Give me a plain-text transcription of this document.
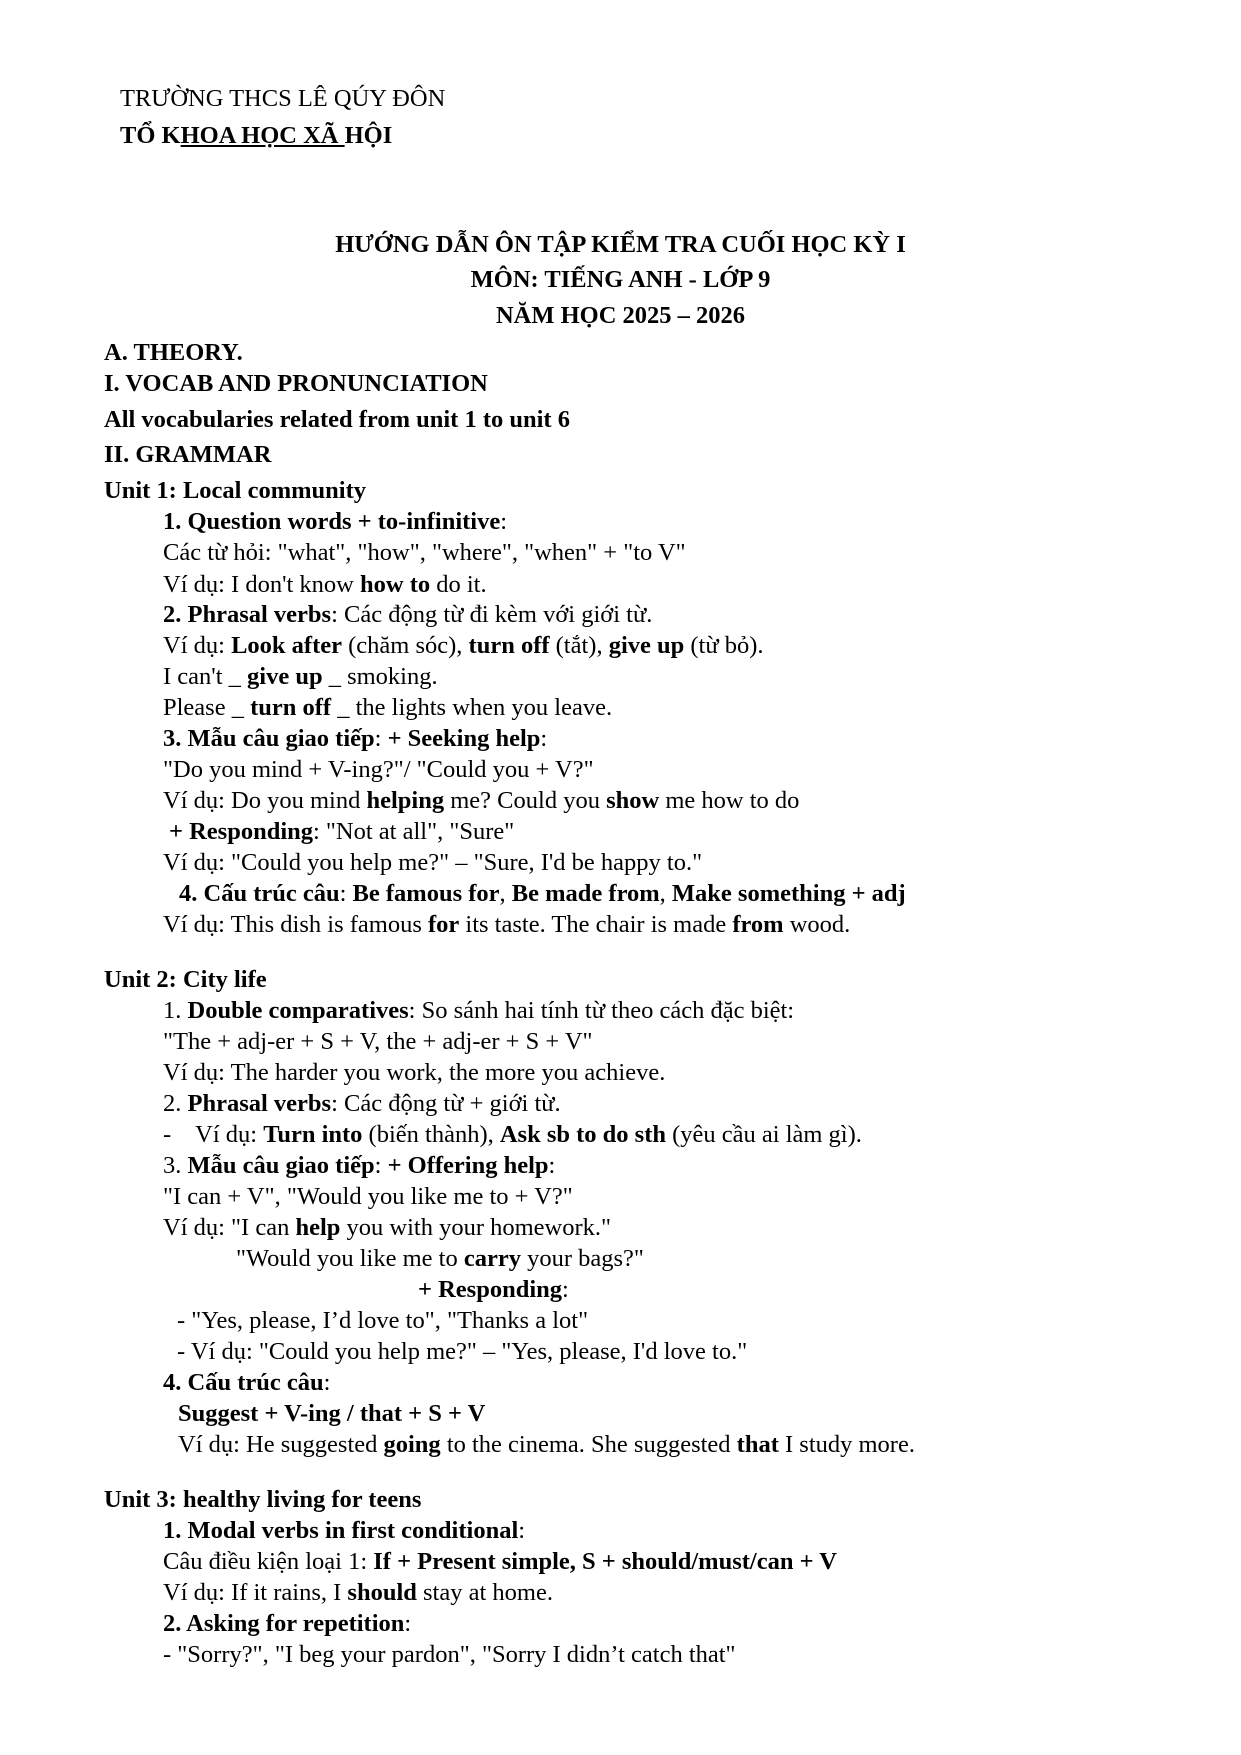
TRƯỜNG THCS LÊ QÚY ĐÔN
TỔ KHOA HỌC XÃ HỘI
HƯỚNG DẪN ÔN TẬP KIỂM TRA CUỐI HỌC KỲ I
MÔN: TIẾNG ANH - LỚP 9
NĂM HỌC 2025 – 2026
A. THEORY.
I. VOCAB AND PRONUNCIATION
All vocabularies related from unit 1 to unit 6
II. GRAMMAR
Unit 1: Local community
1. Question words + to-infinitive:
Các từ hỏi: "what", "how", "where", "when" + "to V"
Ví dụ: I don't know how to do it.
2. Phrasal verbs: Các động từ đi kèm với giới từ.
Ví dụ: Look after (chăm sóc), turn off (tắt), give up (từ bỏ).
I can't _ give up _ smoking.
Please _ turn off _ the lights when you leave.
3. Mẫu câu giao tiếp: + Seeking help:
"Do you mind + V-ing?"/ "Could you + V?"
Ví dụ: Do you mind helping me? Could you show me how to do
+ Responding: "Not at all", "Sure"
Ví dụ: "Could you help me?" – "Sure, I'd be happy to."
4. Cấu trúc câu: Be famous for, Be made from, Make something + adj
Ví dụ: This dish is famous for its taste. The chair is made from wood.
Unit 2: City life
1. Double comparatives: So sánh hai tính từ theo cách đặc biệt:
"The + adj-er + S + V, the + adj-er + S + V"
Ví dụ: The harder you work, the more you achieve.
2. Phrasal verbs: Các động từ + giới từ.
- Ví dụ: Turn into (biến thành), Ask sb to do sth (yêu cầu ai làm gì).
3. Mẫu câu giao tiếp: + Offering help:
"I can + V", "Would you like me to + V?"
Ví dụ: "I can help you with your homework."
"Would you like me to carry your bags?"
+ Responding:
- "Yes, please, I’d love to", "Thanks a lot"
- Ví dụ: "Could you help me?" – "Yes, please, I'd love to."
4. Cấu trúc câu:
Suggest + V-ing / that + S + V
Ví dụ: He suggested going to the cinema. She suggested that I study more.
Unit 3: healthy living for teens
1. Modal verbs in first conditional:
Câu điều kiện loại 1: If + Present simple, S + should/must/can + V
Ví dụ: If it rains, I should stay at home.
2. Asking for repetition:
- "Sorry?", "I beg your pardon", "Sorry I didn’t catch that"
